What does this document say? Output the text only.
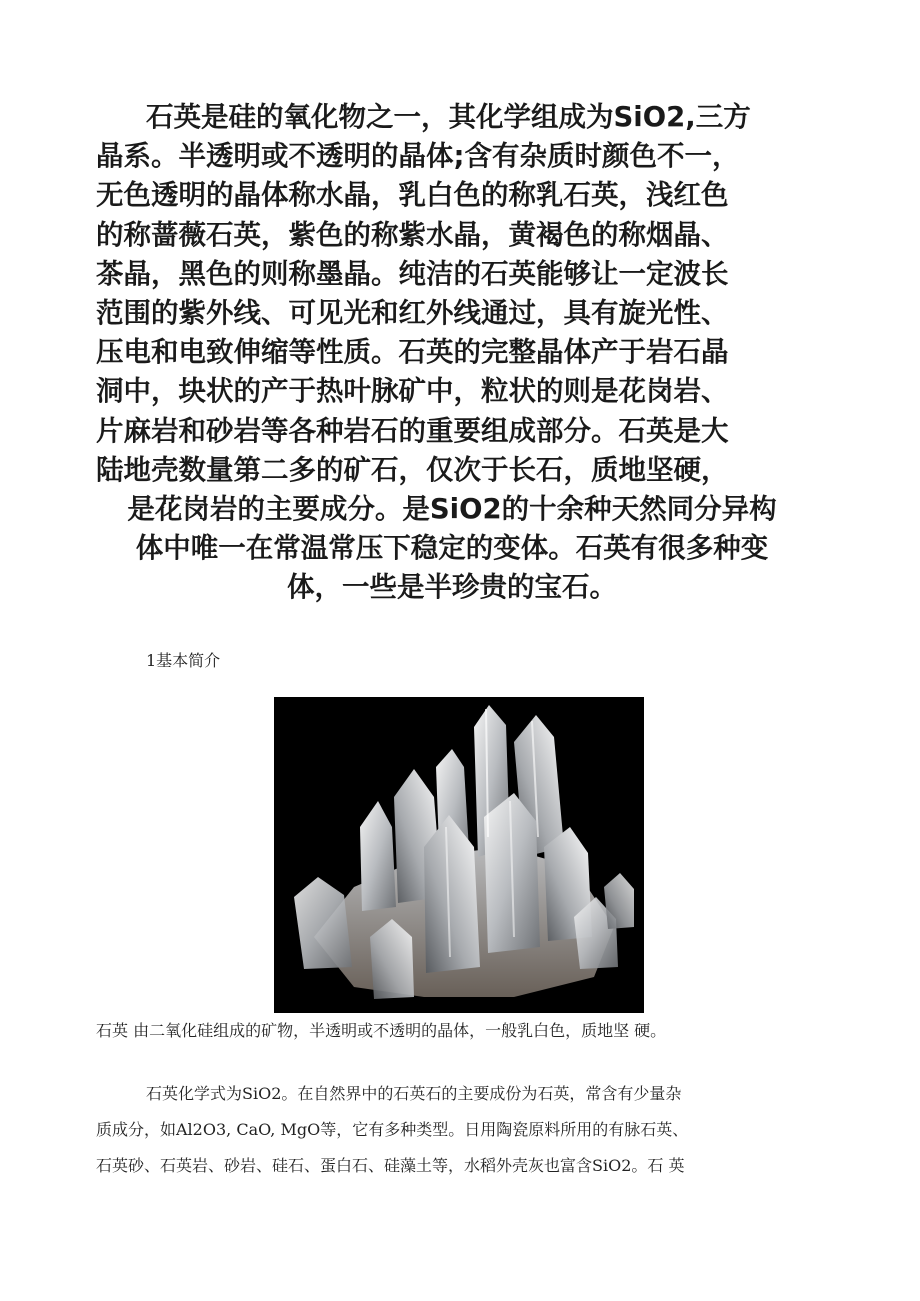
石英是硅的氧化物之一，其化学组成为SiO2,三方
晶系。半透明或不透明的晶体;含有杂质时颜色不一，
无色透明的晶体称水晶，乳白色的称乳石英，浅红色
的称蔷薇石英，紫色的称紫水晶，黄褐色的称烟晶、
茶晶，黑色的则称墨晶。纯洁的石英能够让一定波长
范围的紫外线、可见光和红外线通过，具有旋光性、
压电和电致伸缩等性质。石英的完整晶体产于岩石晶
洞中，块状的产于热叶脉矿中，粒状的则是花岗岩、
片麻岩和砂岩等各种岩石的重要组成部分。石英是大
陆地壳数量第二多的矿石，仅次于长石，质地坚硬，
是花岗岩的主要成分。是SiO2的十余种天然同分异构
体中唯一在常温常压下稳定的变体。石英有很多种变
体，一些是半珍贵的宝石。

1基本简介

石英 由二氧化硅组成的矿物，半透明或不透明的晶体，一般乳白色，质地坚 硬。

石英化学式为SiO2。在自然界中的石英石的主要成份为石英，常含有少量杂
质成分，如Al2O3, CaO, MgO等，它有多种类型。日用陶瓷原料所用的有脉石英、
石英砂、石英岩、砂岩、硅石、蛋白石、硅藻土等，水稻外壳灰也富含SiO2。石 英
